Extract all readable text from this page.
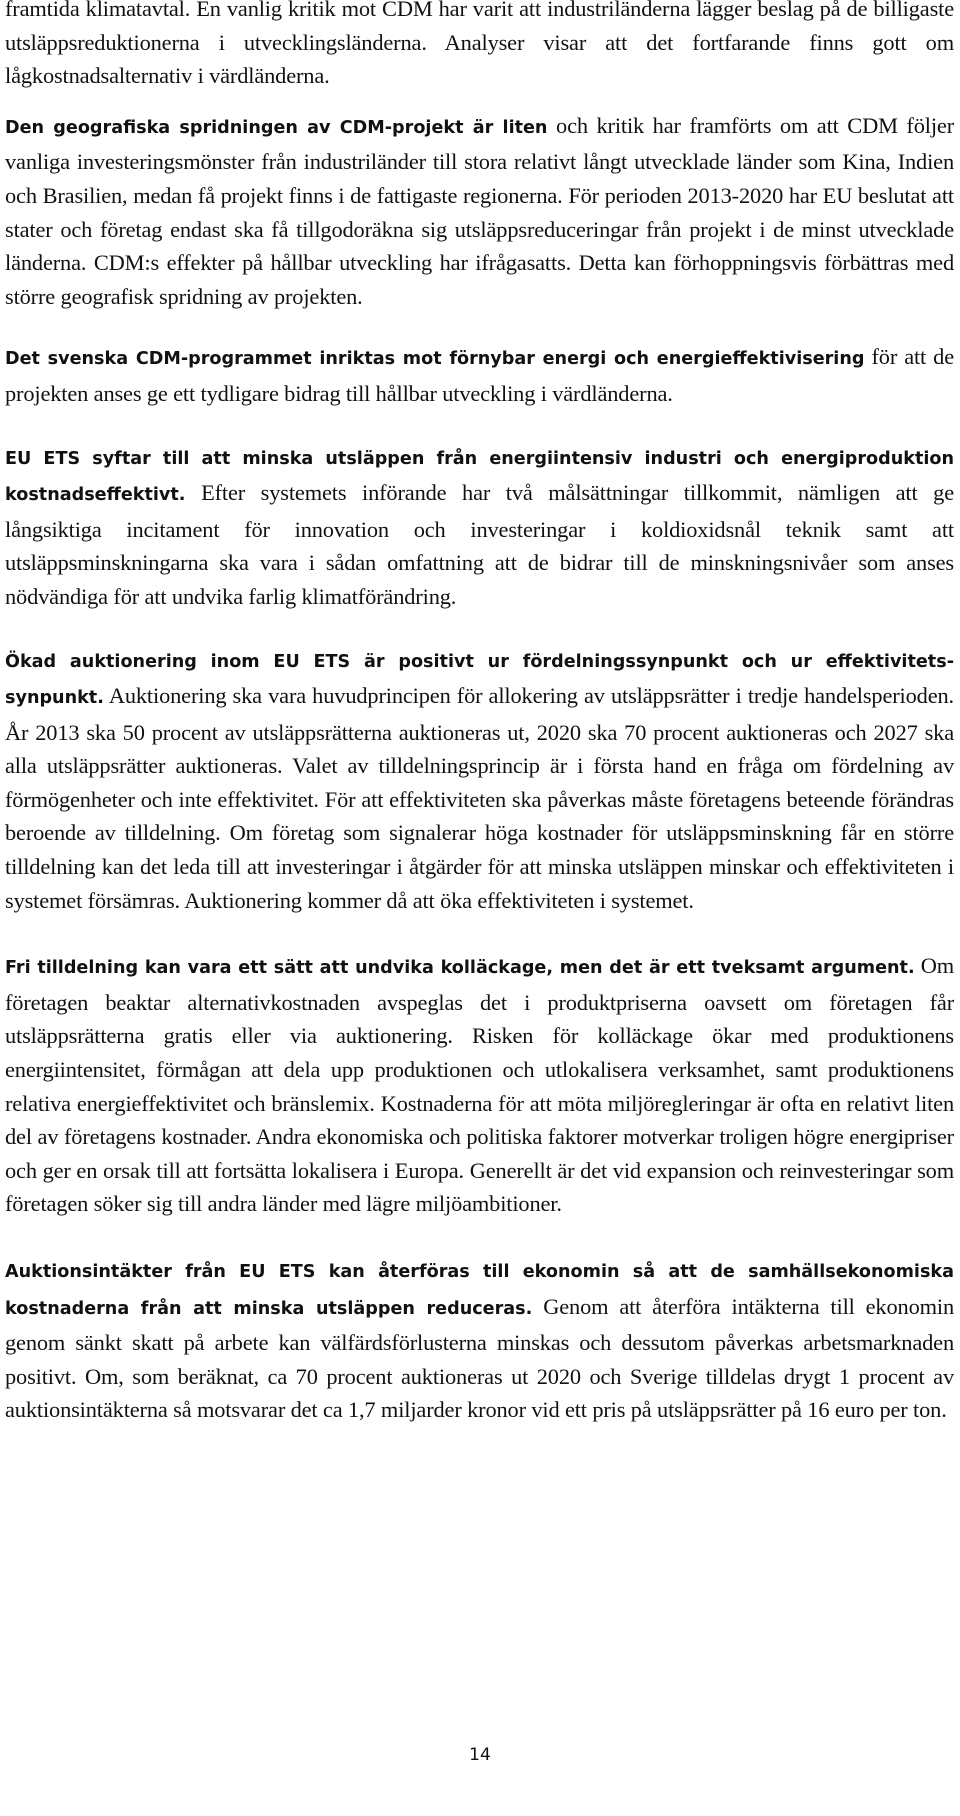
framtida klimatavtal. En vanlig kritik mot CDM har varit att industriländerna lägger beslag på de billigaste utsläppsreduktionerna i utvecklingsländerna. Analyser visar att det fortfarande finns gott om lågkostnadsalternativ i värdländerna.

Den geografiska spridningen av CDM-projekt är liten och kritik har framförts om att CDM följer vanliga investeringsmönster från industriländer till stora relativt långt utvecklade länder som Kina, Indien och Brasilien, medan få projekt finns i de fattigaste regionerna. För perioden 2013-2020 har EU beslutat att stater och företag endast ska få tillgodoräkna sig utsläppsreduceringar från projekt i de minst utvecklade länderna. CDM:s effekter på hållbar utveckling har ifrågasatts. Detta kan förhoppningsvis förbättras med större geografisk spridning av projekten.

Det svenska CDM-programmet inriktas mot förnybar energi och energieffektivisering för att de projekten anses ge ett tydligare bidrag till hållbar utveckling i värdländerna.

EU ETS syftar till att minska utsläppen från energiintensiv industri och energiproduktion kostnadseffektivt. Efter systemets införande har två målsättningar tillkommit, nämligen att ge långsiktiga incitament för innovation och investeringar i koldioxidsnål teknik samt att utsläppsminskningarna ska vara i sådan omfattning att de bidrar till de minskningsnivåer som anses nödvändiga för att undvika farlig klimatförändring.

Ökad auktionering inom EU ETS är positivt ur fördelningssynpunkt och ur effektivitetssynpunkt. Auktionering ska vara huvudprincipen för allokering av utsläppsrätter i tredje handelsperioden. År 2013 ska 50 procent av utsläppsrätterna auktioneras ut, 2020 ska 70 procent auktioneras och 2027 ska alla utsläppsrätter auktioneras. Valet av tilldelningsprincip är i första hand en fråga om fördelning av förmögenheter och inte effektivitet. För att effektiviteten ska påverkas måste företagens beteende förändras beroende av tilldelning. Om företag som signalerar höga kostnader för utsläppsminskning får en större tilldelning kan det leda till att investeringar i åtgärder för att minska utsläppen minskar och effektiviteten i systemet försämras. Auktionering kommer då att öka effektiviteten i systemet.

Fri tilldelning kan vara ett sätt att undvika kolläckage, men det är ett tveksamt argument. Om företagen beaktar alternativkostnaden avspeglas det i produktpriserna oavsett om företagen får utsläppsrätterna gratis eller via auktionering. Risken för kolläckage ökar med produktionens energiintensitet, förmågan att dela upp produktionen och utlokalisera verksamhet, samt produktionens relativa energieffektivitet och bränslemix. Kostnaderna för att möta miljöregleringar är ofta en relativt liten del av företagens kostnader. Andra ekonomiska och politiska faktorer motverkar troligen högre energipriser och ger en orsak till att fortsätta lokalisera i Europa. Generellt är det vid expansion och reinvesteringar som företagen söker sig till andra länder med lägre miljöambitioner.

Auktionsintäkter från EU ETS kan återföras till ekonomin så att de samhällsekonomiska kostnaderna från att minska utsläppen reduceras. Genom att återföra intäkterna till ekonomin genom sänkt skatt på arbete kan välfärdsförlusterna minskas och dessutom påverkas arbetsmarknaden positivt. Om, som beräknat, ca 70 procent auktioneras ut 2020 och Sverige tilldelas drygt 1 procent av auktionsintäkterna så motsvarar det ca 1,7 miljarder kronor vid ett pris på utsläppsrätter på 16 euro per ton.

14
